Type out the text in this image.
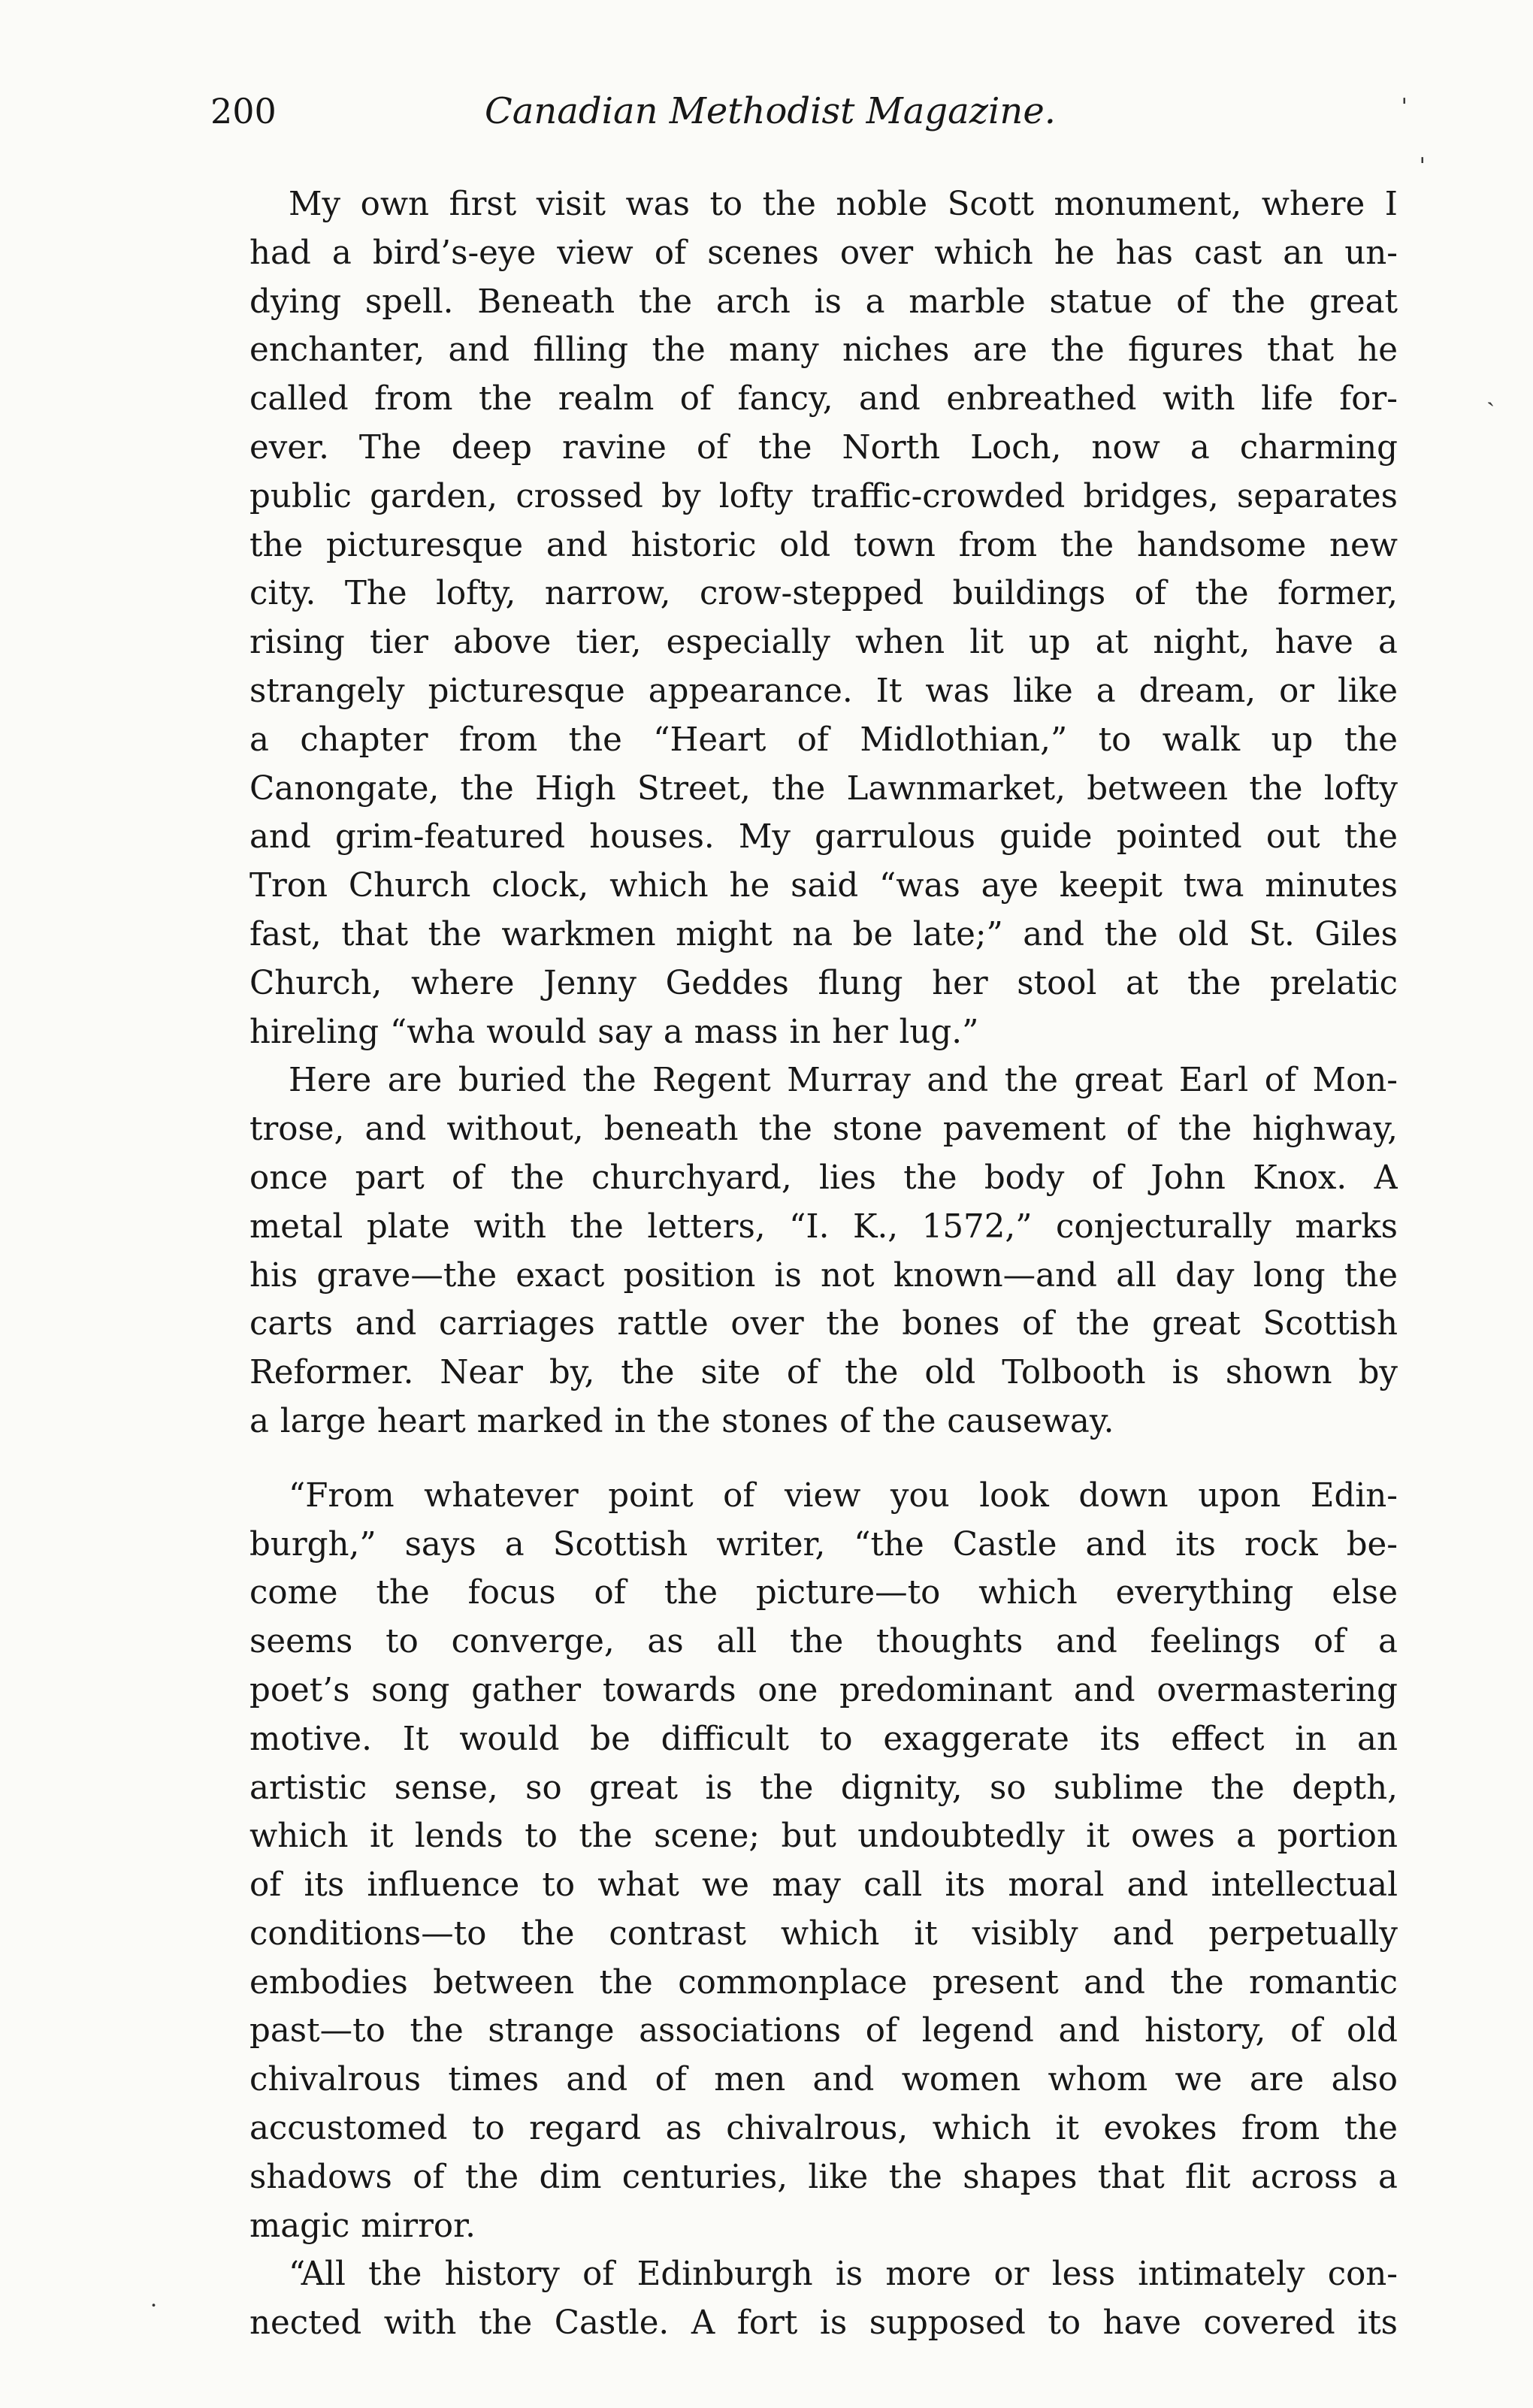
200	Canadian Methodist Magazine.
My own first visit was to the noble Scott monument, where I
had a bird’s-eye view of scenes over which he has cast an un-
dying spell. Beneath the arch is a marble statue of the great
enchanter, and filling the many niches are the figures that he
called from the realm of fancy, and enbreathed with life for-
ever. The deep ravine of the North Loch, now a charming
public garden, crossed by lofty traffic-crowded bridges, separates
the picturesque and historic old town from the handsome new
city. The lofty, narrow, crow-stepped buildings of the former,
rising tier above tier, especially when lit up at night, have a
strangely picturesque appearance. It was like a dream, or like
a chapter from the “Heart of Midlothian,” to walk up the
Canongate, the High Street, the Lawnmarket, between the lofty
and grim-featured houses. My garrulous guide pointed out the
Tron Church clock, which he said “was aye keepit twa minutes
fast, that the warkmen might na be late;” and the old St. Giles
Church, where Jenny Geddes flung her stool at the prelatic
hireling “wha would say a mass in her lug.”
Here are buried the Regent Murray and the great Earl of Mon-
trose, and without, beneath the stone pavement of the highway,
once part of the churchyard, lies the body of John Knox. A
metal plate with the letters, “I. K., 1572,” conjecturally marks
his grave—the exact position is not known—and all day long the
carts and carriages rattle over the bones of the great Scottish
Reformer. Near by, the site of the old Tolbooth is shown by
a large heart marked in the stones of the causeway.
“From whatever point of view you look down upon Edin-
burgh,” says a Scottish writer, “the Castle and its rock be-
come the focus of the picture—to which everything else
seems to converge, as all the thoughts and feelings of a
poet’s song gather towards one predominant and overmastering
motive. It would be difficult to exaggerate its effect in an
artistic sense, so great is the dignity, so sublime the depth,
which it lends to the scene; but undoubtedly it owes a portion
of its influence to what we may call its moral and intellectual
conditions—to the contrast which it visibly and perpetually
embodies between the commonplace present and the romantic
past—to the strange associations of legend and history, of old
chivalrous times and of men and women whom we are also
accustomed to regard as chivalrous, which it evokes from the
shadows of the dim centuries, like the shapes that flit across a
magic mirror.
“All the history of Edinburgh is more or less intimately con-
nected with the Castle. A fort is supposed to have covered its
ˈ
ˌ
ˎ
˙
